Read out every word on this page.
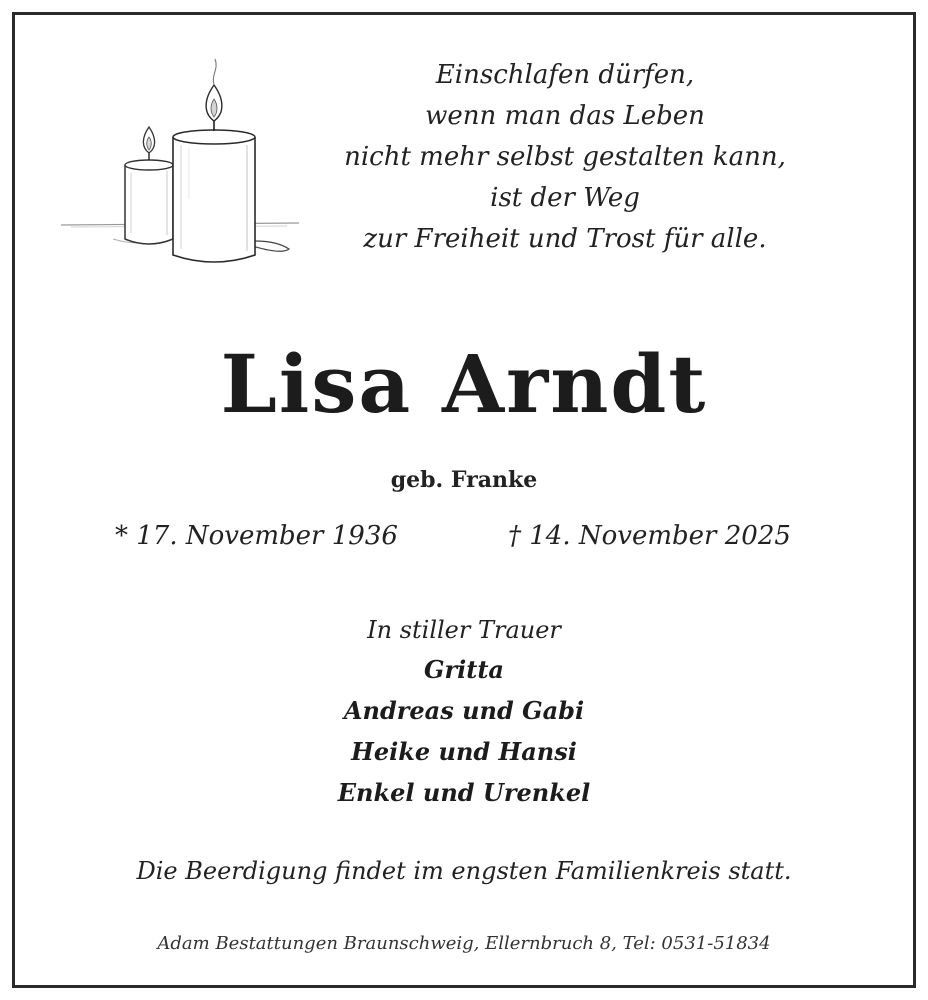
Einschlafen dürfen,
wenn man das Leben
nicht mehr selbst gestalten kann,
ist der Weg
zur Freiheit und Trost für alle.
Lisa Arndt
geb. Franke
* 17. November 1936	† 14. November 2025
In stiller Trauer
Gritta
Andreas und Gabi
Heike und Hansi
Enkel und Urenkel
Die Beerdigung findet im engsten Familienkreis statt.
Adam Bestattungen Braunschweig, Ellernbruch 8, Tel: 0531-51834
